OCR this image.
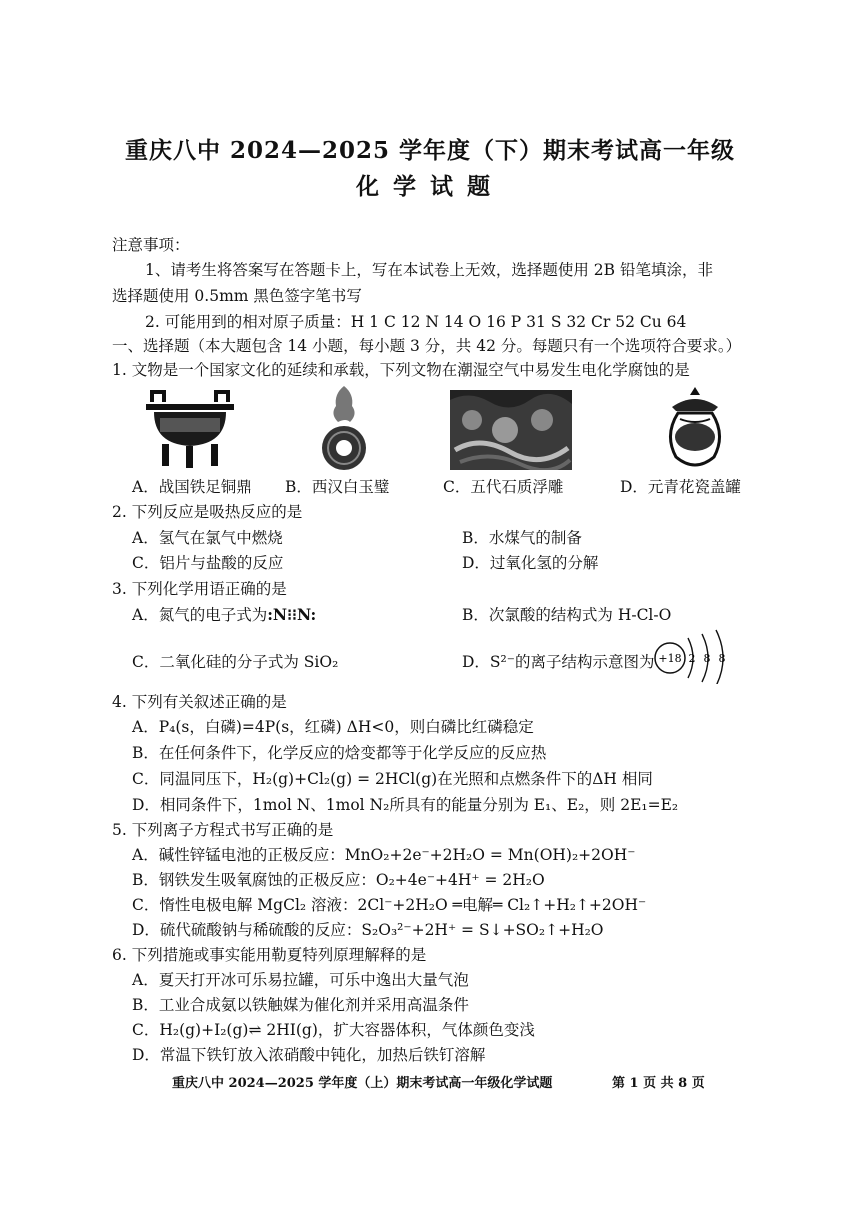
重庆八中 2024—2025 学年度（下）期末考试高一年级
化学试题
注意事项：
1、请考生将答案写在答题卡上，写在本试卷上无效，选择题使用 2B 铅笔填涂，非
选择题使用 0.5mm 黑色签字笔书写
2. 可能用到的相对原子质量：H 1 C 12 N 14 O 16 P 31 S 32 Cr 52 Cu 64
一、选择题（本大题包含 14 小题，每小题 3 分，共 42 分。每题只有一个选项符合要求。）
1. 文物是一个国家文化的延续和承载，下列文物在潮湿空气中易发生电化学腐蚀的是
A．战国铁足铜鼎 B．西汉白玉璧	C．五代石质浮雕	D．元青花瓷盖罐
2. 下列反应是吸热反应的是
A．氢气在氯气中燃烧	B．水煤气的制备
C．铝片与盐酸的反应	D．过氧化氢的分解
3. 下列化学用语正确的是
A．氮气的电子式为:N⁝⁝N:	B．次氯酸的结构式为 H-Cl-O
C．二氧化硅的分子式为 SiO₂	D．S²⁻的离子结构示意图为 +18 2 8 8
4. 下列有关叙述正确的是
A．P₄(s，白磷)=4P(s，红磷) ΔH<0，则白磷比红磷稳定
B．在任何条件下，化学反应的焓变都等于化学反应的反应热
C．同温同压下，H₂(g)+Cl₂(g) = 2HCl(g)在光照和点燃条件下的ΔH 相同
D．相同条件下，1mol N、1mol N₂所具有的能量分别为 E₁、E₂，则 2E₁=E₂
5. 下列离子方程式书写正确的是
A．碱性锌锰电池的正极反应：MnO₂+2e⁻+2H₂O = Mn(OH)₂+2OH⁻
B．钢铁发生吸氧腐蚀的正极反应：O₂+4e⁻+4H⁺ = 2H₂O
C．惰性电极电解 MgCl₂ 溶液：2Cl⁻+2H₂O ═电解═ Cl₂↑+H₂↑+2OH⁻
D．硫代硫酸钠与稀硫酸的反应：S₂O₃²⁻+2H⁺ = S↓+SO₂↑+H₂O
6. 下列措施或事实能用勒夏特列原理解释的是
A．夏天打开冰可乐易拉罐，可乐中逸出大量气泡
B．工业合成氨以铁触媒为催化剂并采用高温条件
C．H₂(g)+I₂(g)⇌ 2HI(g)，扩大容器体积，气体颜色变浅
D．常温下铁钉放入浓硝酸中钝化，加热后铁钉溶解
重庆八中 2024—2025 学年度（上）期末考试高一年级化学试题	第 1 页 共 8 页
